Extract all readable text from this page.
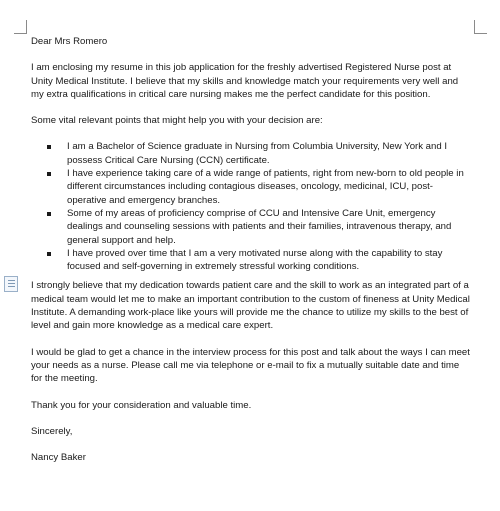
Dear Mrs Romero

I am enclosing my resume in this job application for the freshly advertised Registered Nurse post at Unity Medical Institute. I believe that my skills and knowledge match your requirements very well and my extra qualifications in critical care nursing makes me the perfect candidate for this position.

Some vital relevant points that might help you with your decision are:

I am a Bachelor of Science graduate in Nursing from Columbia University, New York and I possess Critical Care Nursing (CCN) certificate.
I have experience taking care of a wide range of patients, right from new-born to old people in different circumstances including contagious diseases, oncology, medicinal, ICU, post-operative and emergency branches.
Some of my areas of proficiency comprise of CCU and Intensive Care Unit, emergency dealings and counseling sessions with patients and their families, intravenous therapy, and general support and help.
I have proved over time that I am a very motivated nurse along with the capability to stay focused and self-governing in extremely stressful working conditions.

I strongly believe that my dedication towards patient care and the skill to work as an integrated part of a medical team would let me to make an important contribution to the custom of fineness at Unity Medical Institute. A demanding work-place like yours will provide me the chance to utilize my skills to the best of level and gain more knowledge as a medical care expert.

I would be glad to get a chance in the interview process for this post and talk about the ways I can meet your needs as a nurse. Please call me via telephone or e-mail to fix a mutually suitable date and time for the meeting.

Thank you for your consideration and valuable time.

Sincerely,

Nancy Baker
